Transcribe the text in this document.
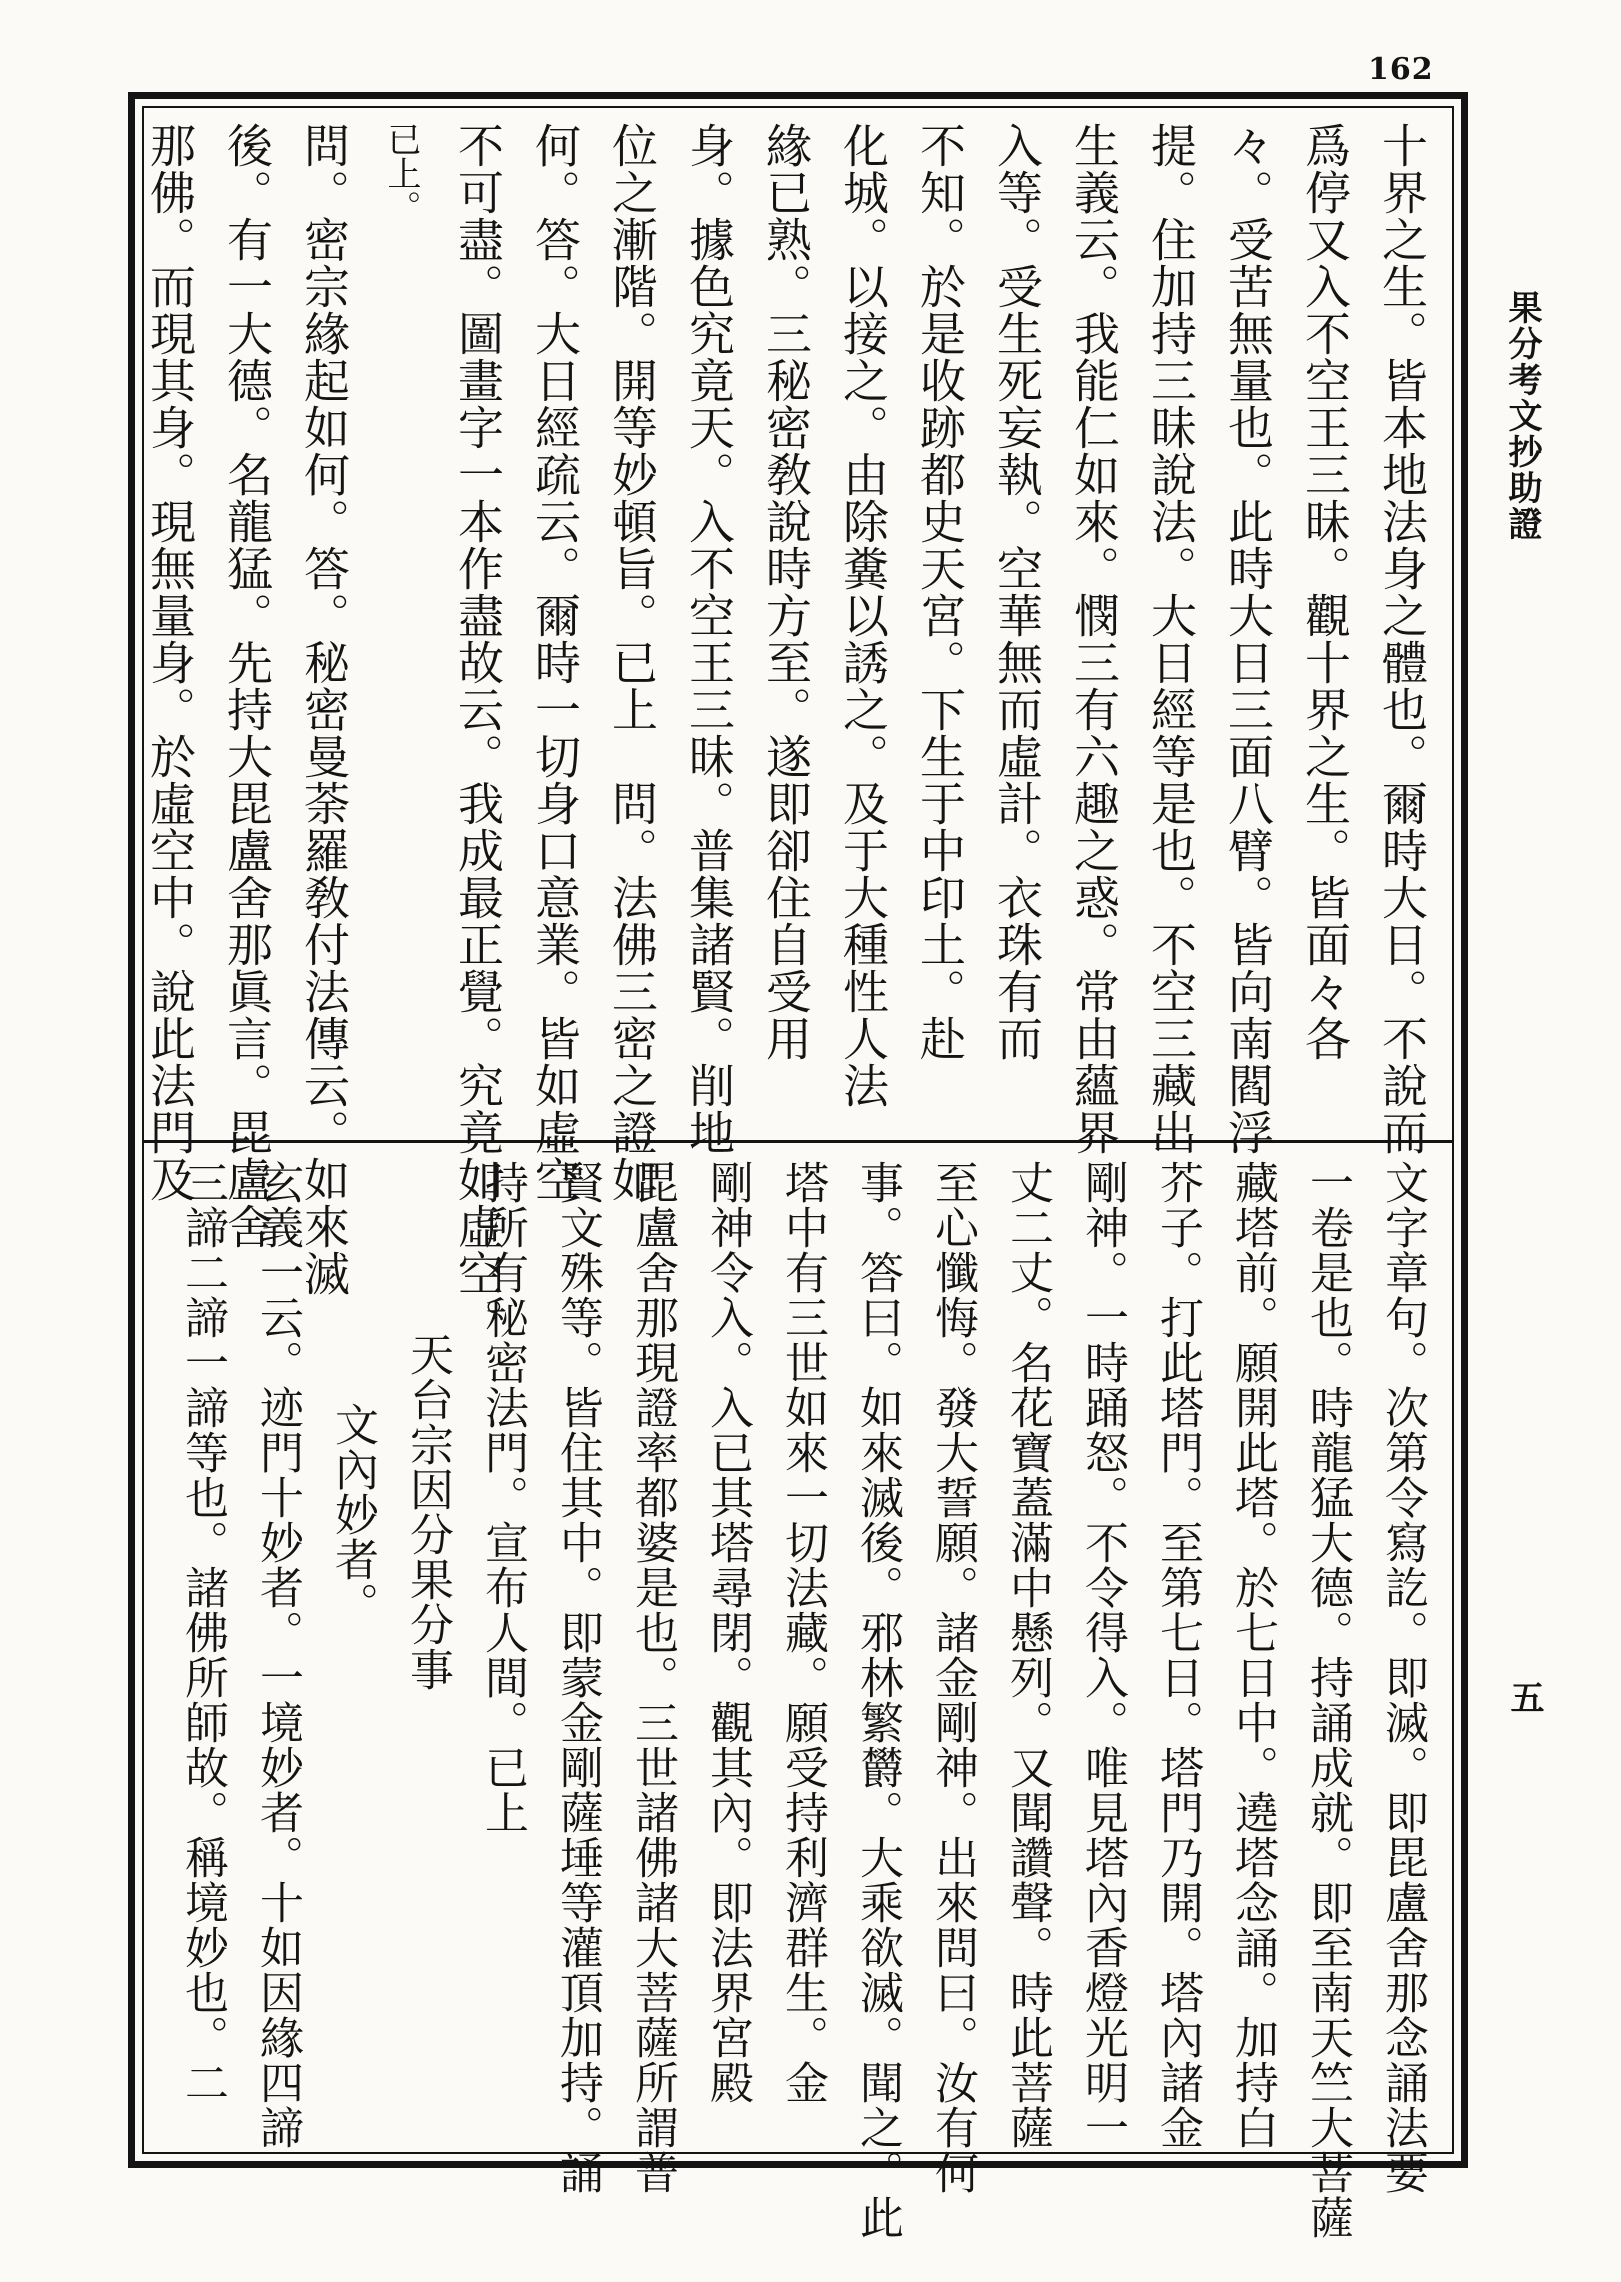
162
果分考文抄助證
五
十界之生。皆本地法身之體也。爾時大日。不說而
爲停又入不空王三昧。觀十界之生。皆面々各
々。受苦無量也。此時大日三面八臂。皆向南閻浮
提。住加持三昧說法。大日經等是也。不空三藏出
生義云。我能仁如來。憫三有六趣之惑。常由蘊界
入等。受生死妄執。空華無而虛計。衣珠有而
不知。於是收跡都史天宮。下生于中印土。赴
化城。以接之。由除糞以誘之。及于大種性人法
緣已熟。三秘密敎說時方至。遂即卻住自受用
身。據色究竟天。入不空王三昧。普集諸賢。削地
位之漸階。開等妙頓旨。已上　問。法佛三密之證如
何。答。大日經疏云。爾時一切身口意業。皆如虛空
不可盡。圖畫字一本作盡故云。我成最正覺。究竟如虛空。
已上。
問。密宗緣起如何。答。秘密曼荼羅敎付法傳云。如來滅
後。有一大德。名龍猛。先持大毘盧舍那眞言。毘盧舍
那佛。而現其身。現無量身。於虛空中。說此法門及
文字章句。次第令寫訖。即滅。即毘盧舍那念誦法要
一卷是也。時龍猛大德。持誦成就。即至南天竺大菩薩
藏塔前。願開此塔。於七日中。遶塔念誦。加持白
芥子。打此塔門。至第七日。塔門乃開。塔內諸金
剛神。一時踊怒。不令得入。唯見塔內香燈光明一
丈二丈。名花寶蓋滿中懸列。又聞讚聲。時此菩薩
至心懺悔。發大誓願。諸金剛神。出來問曰。汝有何
事。答曰。如來滅後。邪林繁欝。大乘欲滅。聞之。此
塔中有三世如來一切法藏。願受持利濟群生。金
剛神令入。入已其塔尋閉。觀其內。即法界宮殿
毘盧舍那現證率都婆是也。三世諸佛諸大菩薩所謂普
賢文殊等。皆住其中。即蒙金剛薩埵等灌頂加持。誦
持所有秘密法門。宣布人間。已上
天台宗因分果分事
文內妙者。
玄義一云。迹門十妙者。一境妙者。十如因緣四諦
三諦二諦一諦等也。諸佛所師故。稱境妙也。二
